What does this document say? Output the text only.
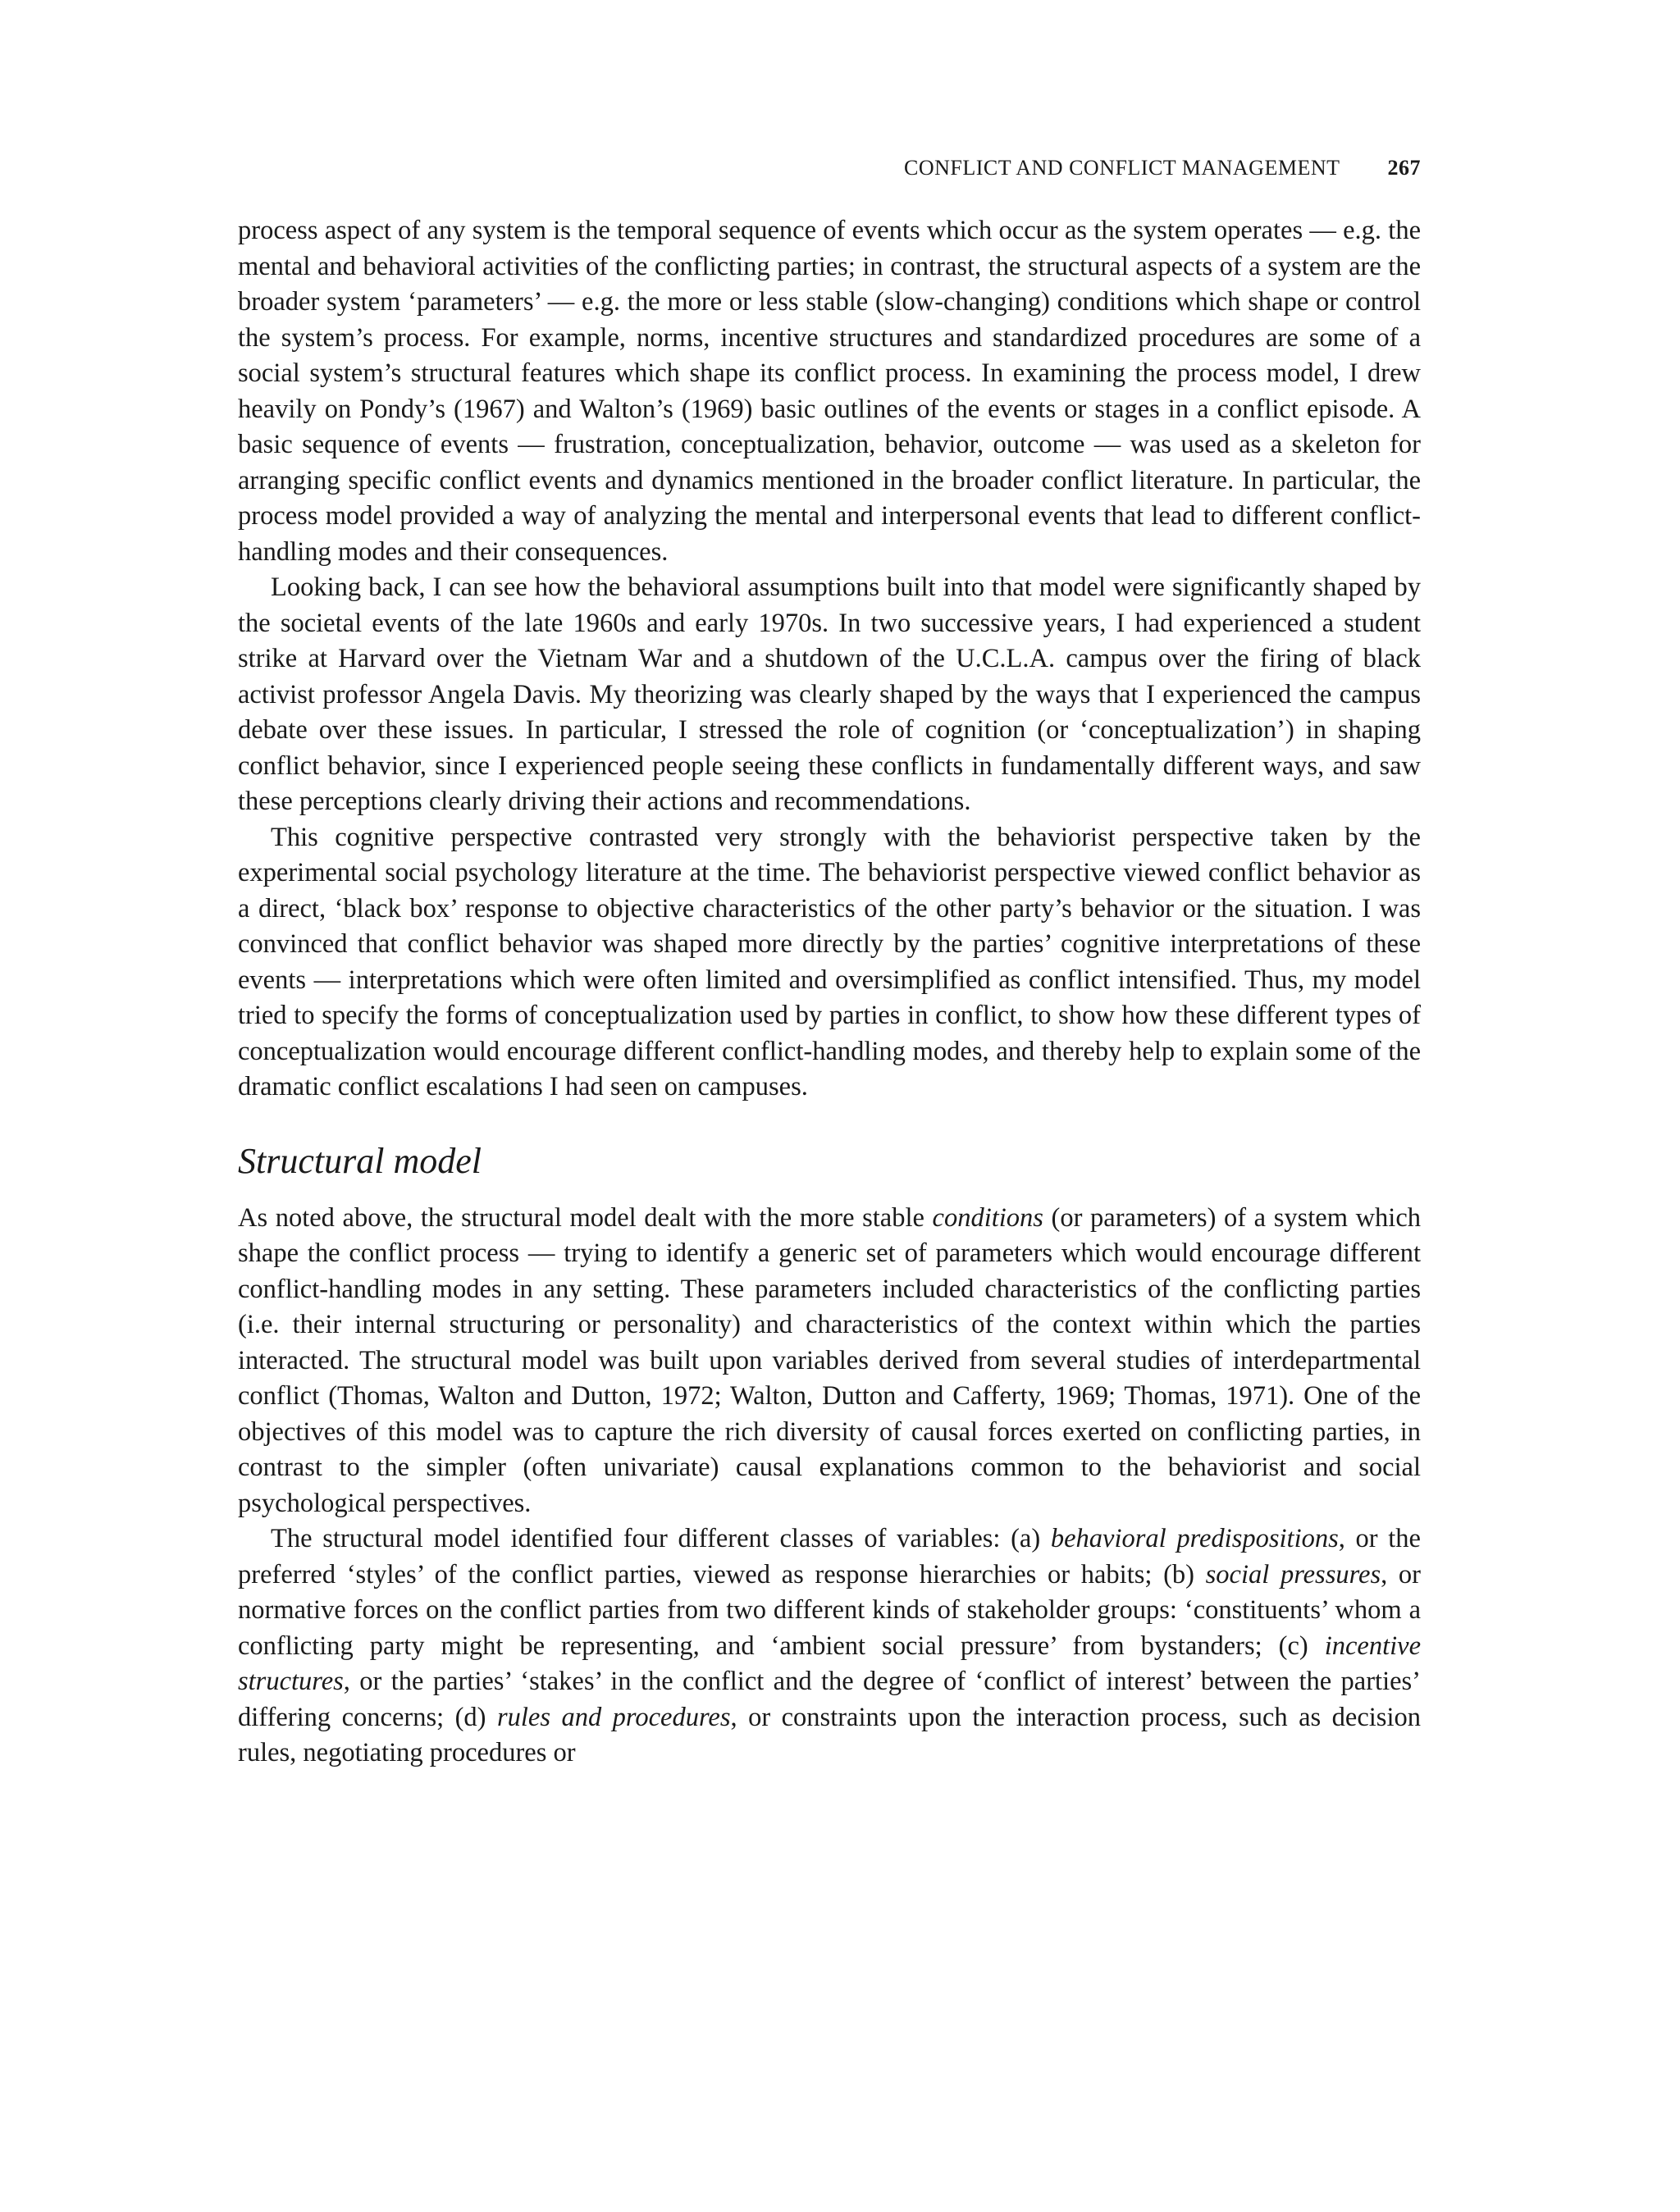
CONFLICT AND CONFLICT MANAGEMENT 267

process aspect of any system is the temporal sequence of events which occur as the system operates — e.g. the mental and behavioral activities of the conflicting parties; in contrast, the structural aspects of a system are the broader system ‘parameters’ — e.g. the more or less stable (slow-changing) conditions which shape or control the system’s process. For example, norms, incentive structures and standardized procedures are some of a social system’s structural features which shape its conflict process. In examining the process model, I drew heavily on Pondy’s (1967) and Walton’s (1969) basic outlines of the events or stages in a conflict episode. A basic sequence of events — frustration, conceptualization, behavior, outcome — was used as a skeleton for arranging specific conflict events and dynamics mentioned in the broader conflict literature. In particular, the process model provided a way of analyzing the mental and interpersonal events that lead to different conflict-handling modes and their consequences.

Looking back, I can see how the behavioral assumptions built into that model were significantly shaped by the societal events of the late 1960s and early 1970s. In two successive years, I had experienced a student strike at Harvard over the Vietnam War and a shutdown of the U.C.L.A. campus over the firing of black activist professor Angela Davis. My theorizing was clearly shaped by the ways that I experienced the campus debate over these issues. In particular, I stressed the role of cognition (or ‘conceptualization’) in shaping conflict behavior, since I experienced people seeing these conflicts in fundamentally different ways, and saw these perceptions clearly driving their actions and recommendations.

This cognitive perspective contrasted very strongly with the behaviorist perspective taken by the experimental social psychology literature at the time. The behaviorist perspective viewed conflict behavior as a direct, ‘black box’ response to objective characteristics of the other party’s behavior or the situation. I was convinced that conflict behavior was shaped more directly by the parties’ cognitive interpretations of these events — interpretations which were often limited and oversimplified as conflict intensified. Thus, my model tried to specify the forms of conceptualization used by parties in conflict, to show how these different types of conceptualization would encourage different conflict-handling modes, and thereby help to explain some of the dramatic conflict escalations I had seen on campuses.

Structural model

As noted above, the structural model dealt with the more stable conditions (or parameters) of a system which shape the conflict process — trying to identify a generic set of parameters which would encourage different conflict-handling modes in any setting. These parameters included characteristics of the conflicting parties (i.e. their internal structuring or personality) and characteristics of the context within which the parties interacted. The structural model was built upon variables derived from several studies of interdepartmental conflict (Thomas, Walton and Dutton, 1972; Walton, Dutton and Cafferty, 1969; Thomas, 1971). One of the objectives of this model was to capture the rich diversity of causal forces exerted on conflicting parties, in contrast to the simpler (often univariate) causal explanations common to the behaviorist and social psychological perspectives.

The structural model identified four different classes of variables: (a) behavioral predispositions, or the preferred ‘styles’ of the conflict parties, viewed as response hierarchies or habits; (b) social pressures, or normative forces on the conflict parties from two different kinds of stakeholder groups: ‘constituents’ whom a conflicting party might be representing, and ‘ambient social pressure’ from bystanders; (c) incentive structures, or the parties’ ‘stakes’ in the conflict and the degree of ‘conflict of interest’ between the parties’ differing concerns; (d) rules and procedures, or constraints upon the interaction process, such as decision rules, negotiating procedures or
